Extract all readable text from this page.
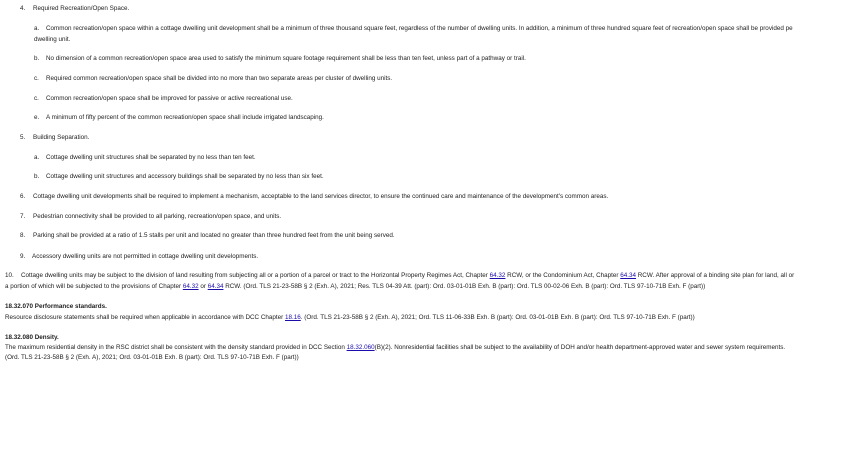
4. Required Recreation/Open Space.
a. Common recreation/open space within a cottage dwelling unit development shall be a minimum of three thousand square feet, regardless of the number of dwelling units. In addition, a minimum of three hundred square feet of recreation/open space shall be provided pe
dwelling unit.
b. No dimension of a common recreation/open space area used to satisfy the minimum square footage requirement shall be less than ten feet, unless part of a pathway or trail.
c. Required common recreation/open space shall be divided into no more than two separate areas per cluster of dwelling units.
c. Common recreation/open space shall be improved for passive or active recreational use.
e. A minimum of fifty percent of the common recreation/open space shall include irrigated landscaping.
5. Building Separation.
a. Cottage dwelling unit structures shall be separated by no less than ten feet.
b. Cottage dwelling unit structures and accessory buildings shall be separated by no less than six feet.
6. Cottage dwelling unit developments shall be required to implement a mechanism, acceptable to the land services director, to ensure the continued care and maintenance of the development's common areas.
7. Pedestrian connectivity shall be provided to all parking, recreation/open space, and units.
8. Parking shall be provided at a ratio of 1.5 stalls per unit and located no greater than three hundred feet from the unit being served.
9. Accessory dwelling units are not permitted in cottage dwelling unit developments.
10. Cottage dwelling units may be subject to the division of land resulting from subjecting all or a portion of a parcel or tract to the Horizontal Property Regimes Act, Chapter 64.32 RCW, or the Condominium Act, Chapter 64.34 RCW. After approval of a binding site plan for land, all or
a portion of which will be subjected to the provisions of Chapter 64.32 or 64.34 RCW. (Ord. TLS 21-23-58B § 2 (Exh. A), 2021; Res. TLS 04-39 Att. (part): Ord. 03-01-01B Exh. B (part): Ord. TLS 00-02-06 Exh. B (part): Ord. TLS 97-10-71B Exh. F (part))
18.32.070 Performance standards.
Resource disclosure statements shall be required when applicable in accordance with DCC Chapter 18.16. (Ord. TLS 21-23-58B § 2 (Exh. A), 2021; Ord. TLS 11-06-33B Exh. B (part): Ord. 03-01-01B Exh. B (part): Ord. TLS 97-10-71B Exh. F (part))
18.32.080 Density.
The maximum residential density in the RSC district shall be consistent with the density standard provided in DCC Section 18.32.060(B)(2). Nonresidential facilities shall be subject to the availability of DOH and/or health department-approved water and sewer system requirements.
(Ord. TLS 21-23-58B § 2 (Exh. A), 2021; Ord. 03-01-01B Exh. B (part): Ord. TLS 97-10-71B Exh. F (part))
